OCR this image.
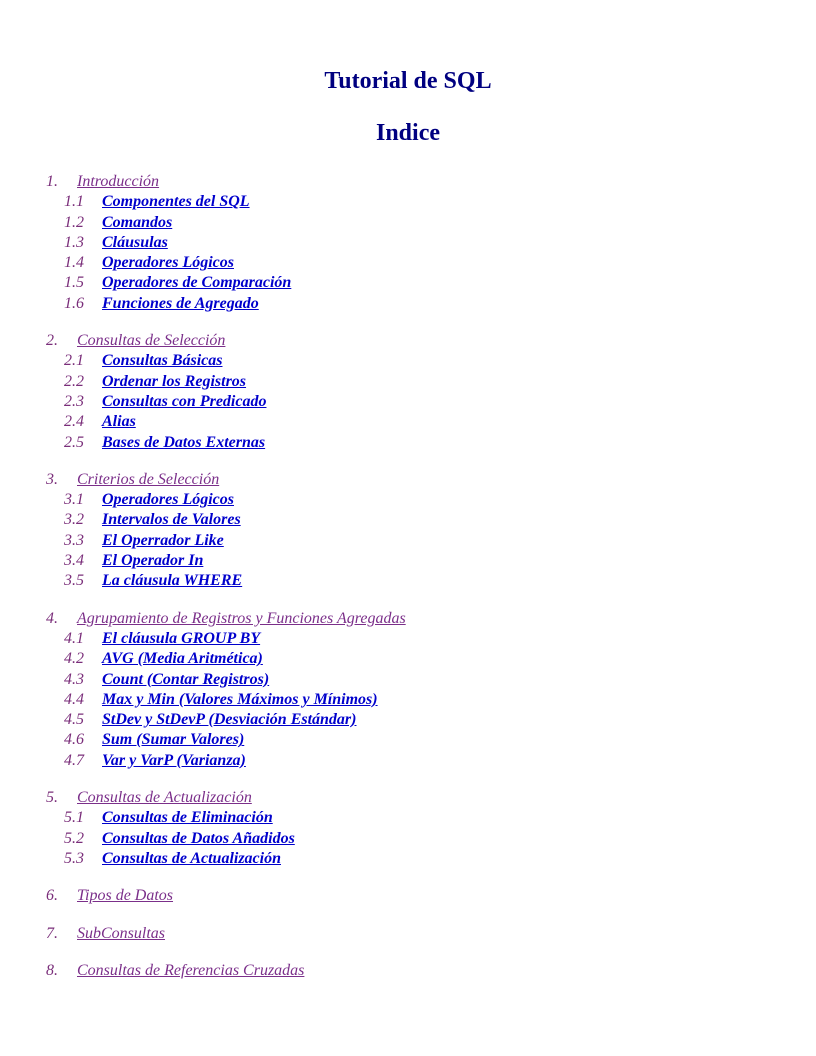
Tutorial de SQL
Indice
1. Introducción
1.1 Componentes del SQL
1.2 Comandos
1.3 Cláusulas
1.4 Operadores Lógicos
1.5 Operadores de Comparación
1.6 Funciones de Agregado
2. Consultas de Selección
2.1 Consultas Básicas
2.2 Ordenar los Registros
2.3 Consultas con Predicado
2.4 Alias
2.5 Bases de Datos Externas
3. Criterios de Selección
3.1 Operadores Lógicos
3.2 Intervalos de Valores
3.3 El Operrador Like
3.4 El Operador In
3.5 La cláusula WHERE
4. Agrupamiento de Registros y Funciones Agregadas
4.1 El cláusula GROUP BY
4.2 AVG (Media Aritmética)
4.3 Count (Contar Registros)
4.4 Max y Min (Valores Máximos y Mínimos)
4.5 StDev y StDevP (Desviación Estándar)
4.6 Sum (Sumar Valores)
4.7 Var y VarP (Varianza)
5. Consultas de Actualización
5.1 Consultas de Eliminación
5.2 Consultas de Datos Añadidos
5.3 Consultas de Actualización
6. Tipos de Datos
7. SubConsultas
8. Consultas de Referencias Cruzadas
